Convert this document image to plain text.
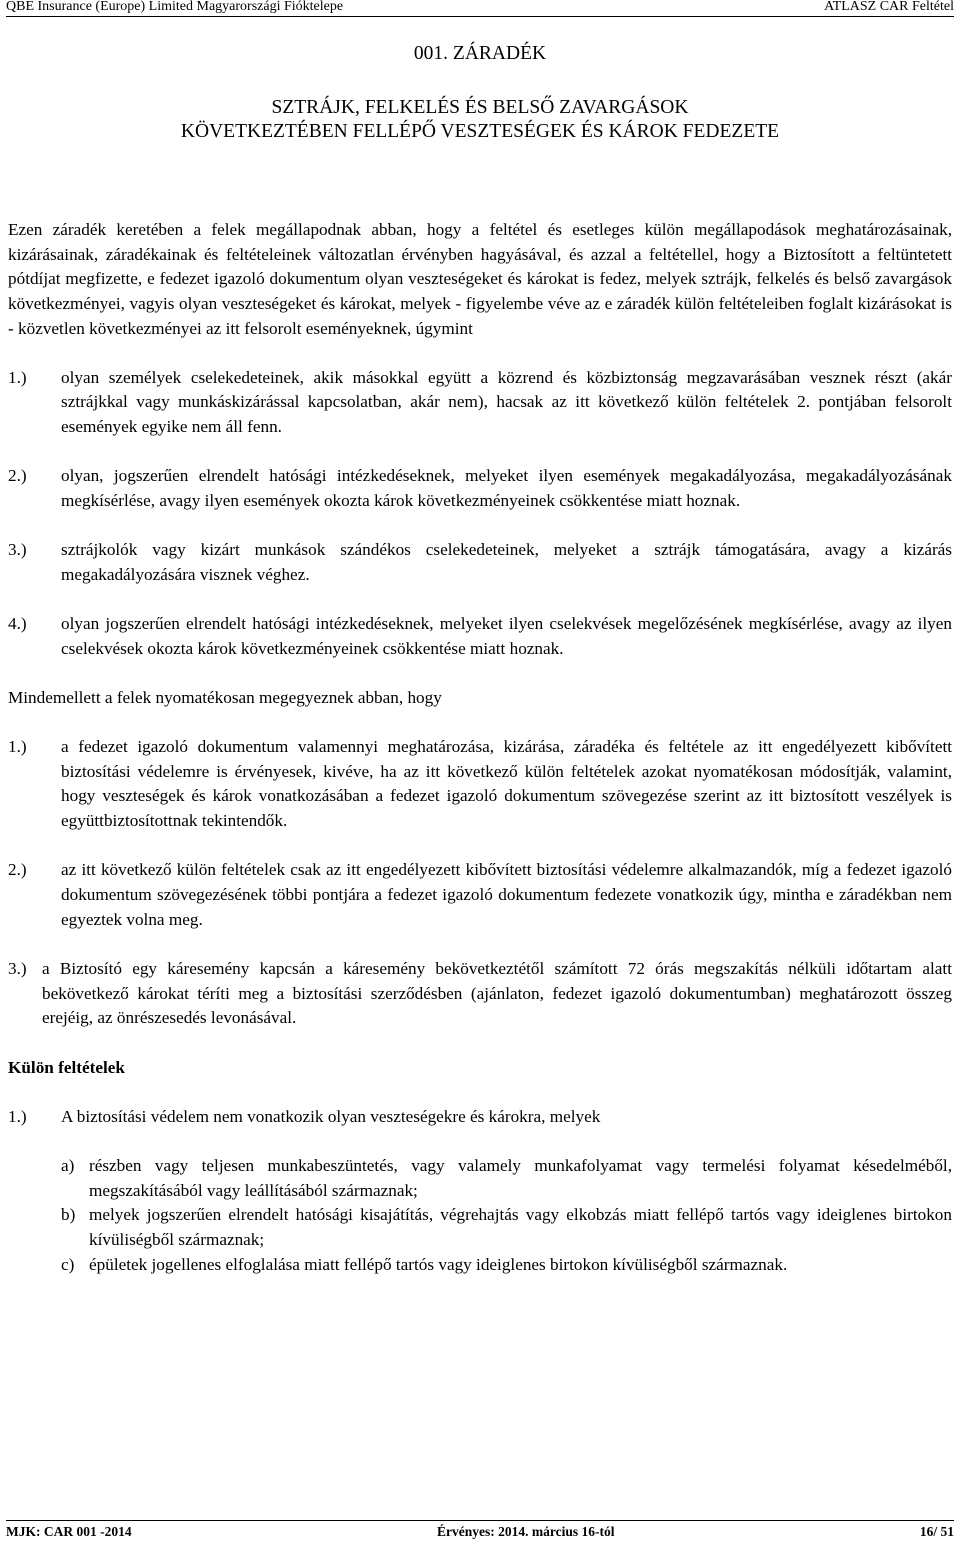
QBE Insurance (Europe) Limited Magyarországi Fióktelepe	ATLASZ CAR Feltétel
001. ZÁRADÉK
SZTRÁJK, FELKELÉS ÉS BELSŐ ZAVARGÁSOK
KÖVETKEZTÉBEN FELLÉPŐ VESZTESÉGEK ÉS KÁROK FEDEZETE

Ezen záradék keretében a felek megállapodnak abban, hogy a feltétel és esetleges külön megállapodások meghatározásainak, kizárásainak, záradékainak és feltételeinek változatlan érvényben hagyásával, és azzal a feltétellel, hogy a Biztosított a feltüntetett pótdíjat megfizette, e fedezet igazoló dokumentum olyan veszteségeket és károkat is fedez, melyek sztrájk, felkelés és belső zavargások következményei, vagyis olyan veszteségeket és károkat, melyek - figyelembe véve az e záradék külön feltételeiben foglalt kizárásokat is - közvetlen következményei az itt felsorolt eseményeknek, úgymint

1.)	olyan személyek cselekedeteinek, akik másokkal együtt a közrend és közbiztonság megzavarásában vesznek részt (akár sztrájkkal vagy munkáskizárással kapcsolatban, akár nem), hacsak az itt következő külön feltételek 2. pontjában felsorolt események egyike nem áll fenn.
2.)	olyan, jogszerűen elrendelt hatósági intézkedéseknek, melyeket ilyen események megakadályozása, megakadályozásának megkísérlése, avagy ilyen események okozta károk következményeinek csökkentése miatt hoznak.
3.)	sztrájkolók vagy kizárt munkások szándékos cselekedeteinek, melyeket a sztrájk támogatására, avagy a kizárás megakadályozására visznek véghez.
4.)	olyan jogszerűen elrendelt hatósági intézkedéseknek, melyeket ilyen cselekvések megelőzésének megkísérlése, avagy az ilyen cselekvések okozta károk következményeinek csökkentése miatt hoznak.

Mindemellett a felek nyomatékosan megegyeznek abban, hogy

1.)	a fedezet igazoló dokumentum valamennyi meghatározása, kizárása, záradéka és feltétele az itt engedélyezett kibővített biztosítási védelemre is érvényesek, kivéve, ha az itt következő külön feltételek azokat nyomatékosan módosítják, valamint, hogy veszteségek és károk vonatkozásában a fedezet igazoló dokumentum szövegezése szerint az itt biztosított veszélyek is együttbiztosítottnak tekintendők.
2.)	az itt következő külön feltételek csak az itt engedélyezett kibővített biztosítási védelemre alkalmazandók, míg a fedezet igazoló dokumentum szövegezésének többi pontjára a fedezet igazoló dokumentum fedezete vonatkozik úgy, mintha e záradékban nem egyeztek volna meg.
3.) a Biztosító egy káresemény kapcsán a káresemény bekövetkeztétől számított 72 órás megszakítás nélküli időtartam alatt bekövetkező károkat téríti meg a biztosítási szerződésben (ajánlaton, fedezet igazoló dokumentumban) meghatározott összeg erejéig, az önrészesedés levonásával.
Külön feltételek
1.)	A biztosítási védelem nem vonatkozik olyan veszteségekre és károkra, melyek
a) részben vagy teljesen munkabeszüntetés, vagy valamely munkafolyamat vagy termelési folyamat késedelméből, megszakításából vagy leállításából származnak;
b) melyek jogszerűen elrendelt hatósági kisajátítás, végrehajtás vagy elkobzás miatt fellépő tartós vagy ideiglenes birtokon kívüliségből származnak;
c) épületek jogellenes elfoglalása miatt fellépő tartós vagy ideiglenes birtokon kívüliségből származnak.
MJK: CAR 001 -2014	Érvényes: 2014. március 16-tól	16/ 51
